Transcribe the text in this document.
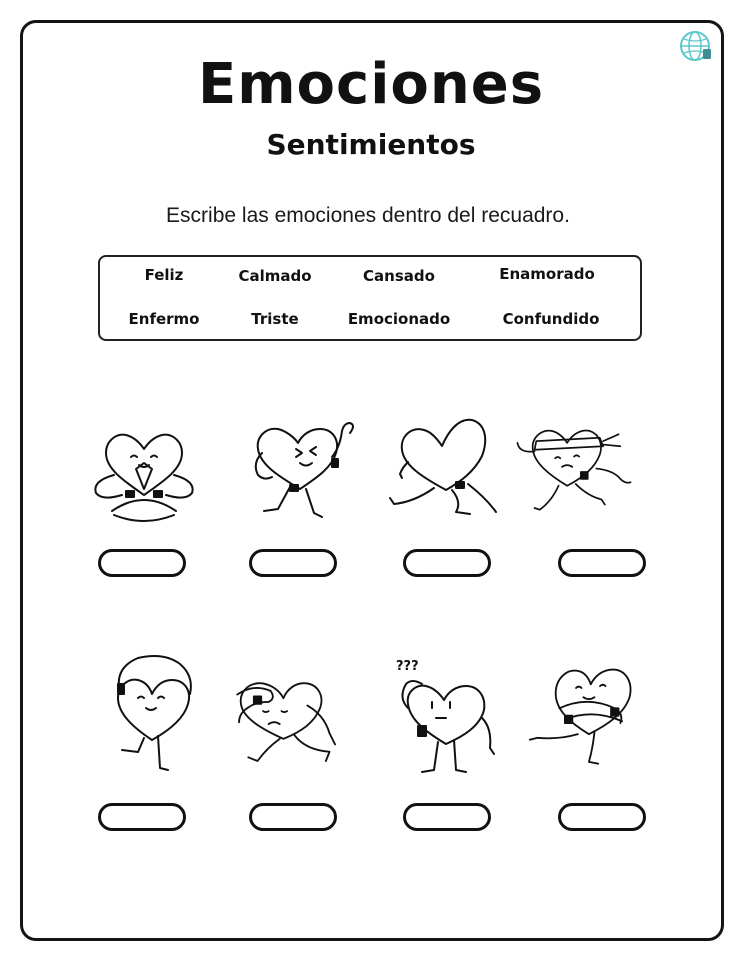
Emociones
Sentimientos
Escribe las emociones dentro del recuadro.
Feliz	Calmado	Cansado	Enamorado
Enfermo	Triste	Emocionado	Confundido
???
